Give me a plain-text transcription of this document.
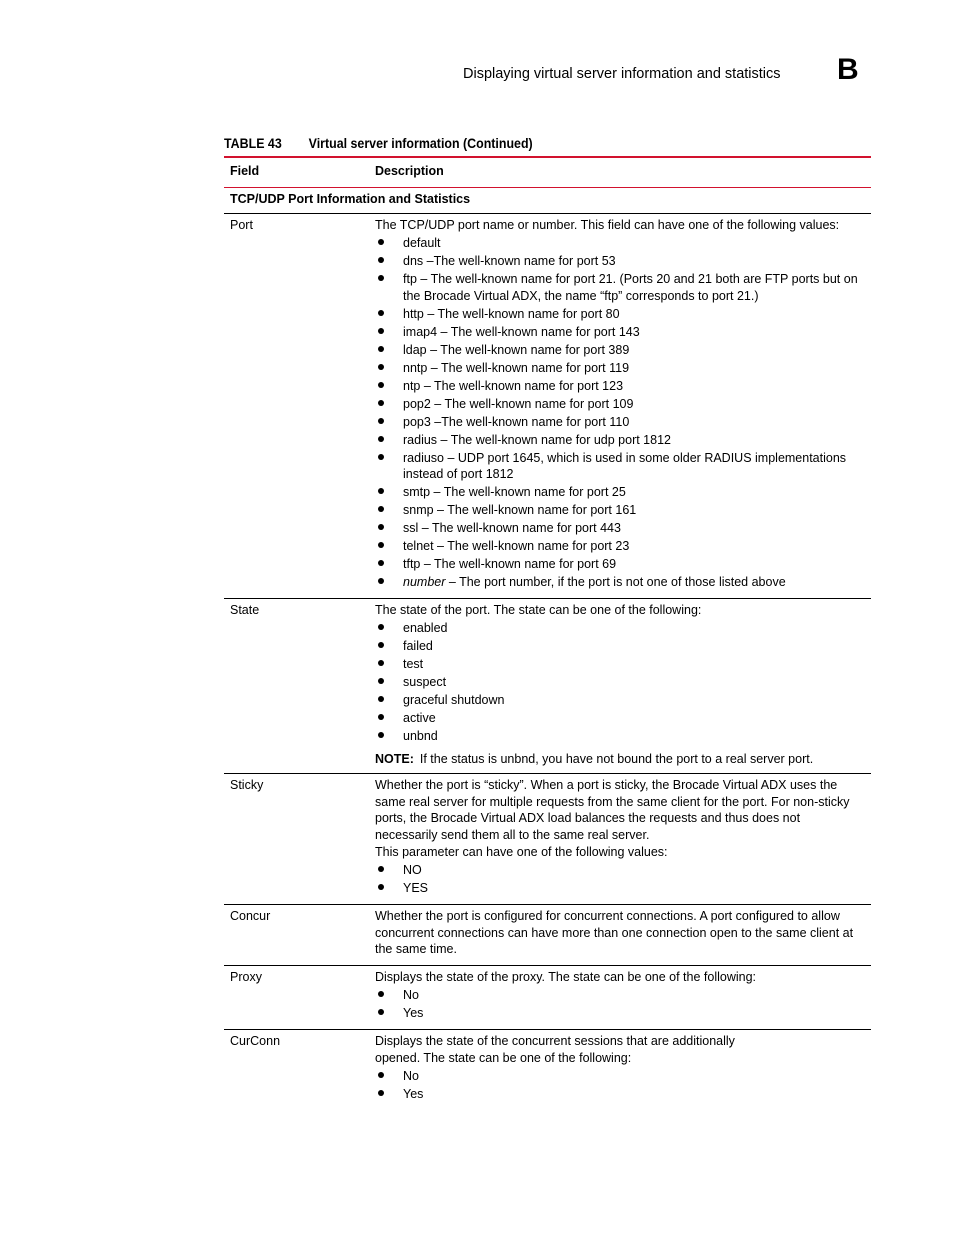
Displaying virtual server information and statistics	B
TABLE 43 Virtual server information (Continued)
Field	Description
TCP/UDP Port Information and Statistics
Port	The TCP/UDP port name or number. This field can have one of the following values:

default
dns –The well-known name for port 53
ftp – The well-known name for port 21. (Ports 20 and 21 both are FTP ports but on the Brocade Virtual ADX, the name “ftp” corresponds to port 21.)
http – The well-known name for port 80
imap4 – The well-known name for port 143
ldap – The well-known name for port 389
nntp – The well-known name for port 119
ntp – The well-known name for port 123
pop2 – The well-known name for port 109
pop3 –The well-known name for port 110
radius – The well-known name for udp port 1812
radiuso – UDP port 1645, which is used in some older RADIUS implementations instead of port 1812
smtp – The well-known name for port 25
snmp – The well-known name for port 161
ssl – The well-known name for port 443
telnet – The well-known name for port 23
tftp – The well-known name for port 69
number – The port number, if the port is not one of those listed above
State	The state of the port. The state can be one of the following:

enabled
failed
test
suspect
graceful shutdown
active
unbnd
NOTE: If the status is unbnd, you have not bound the port to a real server port.
Sticky	Whether the port is “sticky”. When a port is sticky, the Brocade Virtual ADX uses the same real server for multiple requests from the same client for the port. For non-sticky ports, the Brocade Virtual ADX load balances the requests and thus does not necessarily send them all to the same real server.

This parameter can have one of the following values:

NO
YES
Concur	Whether the port is configured for concurrent connections. A port configured to allow concurrent connections can have more than one connection open to the same client at the same time.

Proxy	Displays the state of the proxy. The state can be one of the following:

No
Yes
CurConn	Displays the state of the concurrent sessions that are additionally

opened. The state can be one of the following:

No
Yes
